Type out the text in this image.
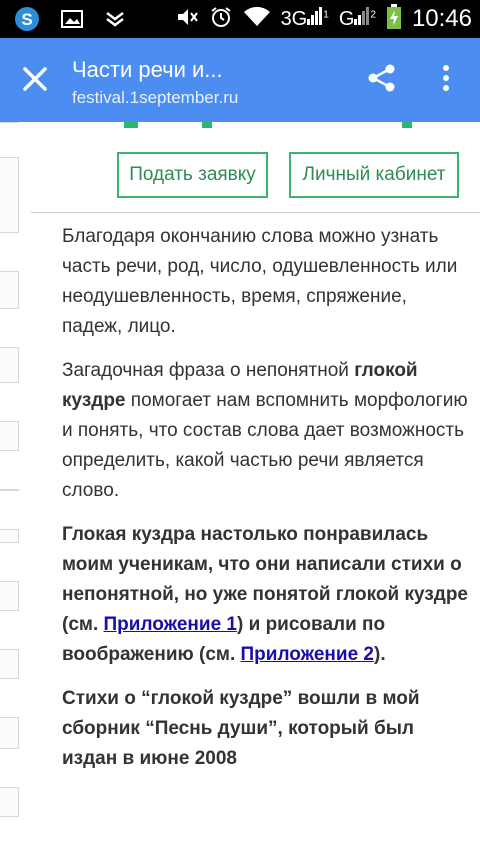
S	3G $^1$ G $^2$ 10:46
Части речи и...
festival.1september.ru
Подать заявку	Личный кабинет

Благодаря окончанию слова можно узнать часть речи, род, число, одушевленность или неодушевленность, время, спряжение, падеж, лицо.

Загадочная фраза о непонятной глокой куздре помогает нам вспомнить морфологию и понять, что состав слова дает возможность определить, какой частью речи является слово.

Глокая куздра настолько понравилась моим ученикам, что они написали стихи о непонятной, но уже понятой глокой куздре (см. Приложение 1) и рисовали по воображению (см. Приложение 2).

Стихи о “глокой куздре” вошли в мой сборник “Песнь души”, который был издан в июне 2008
